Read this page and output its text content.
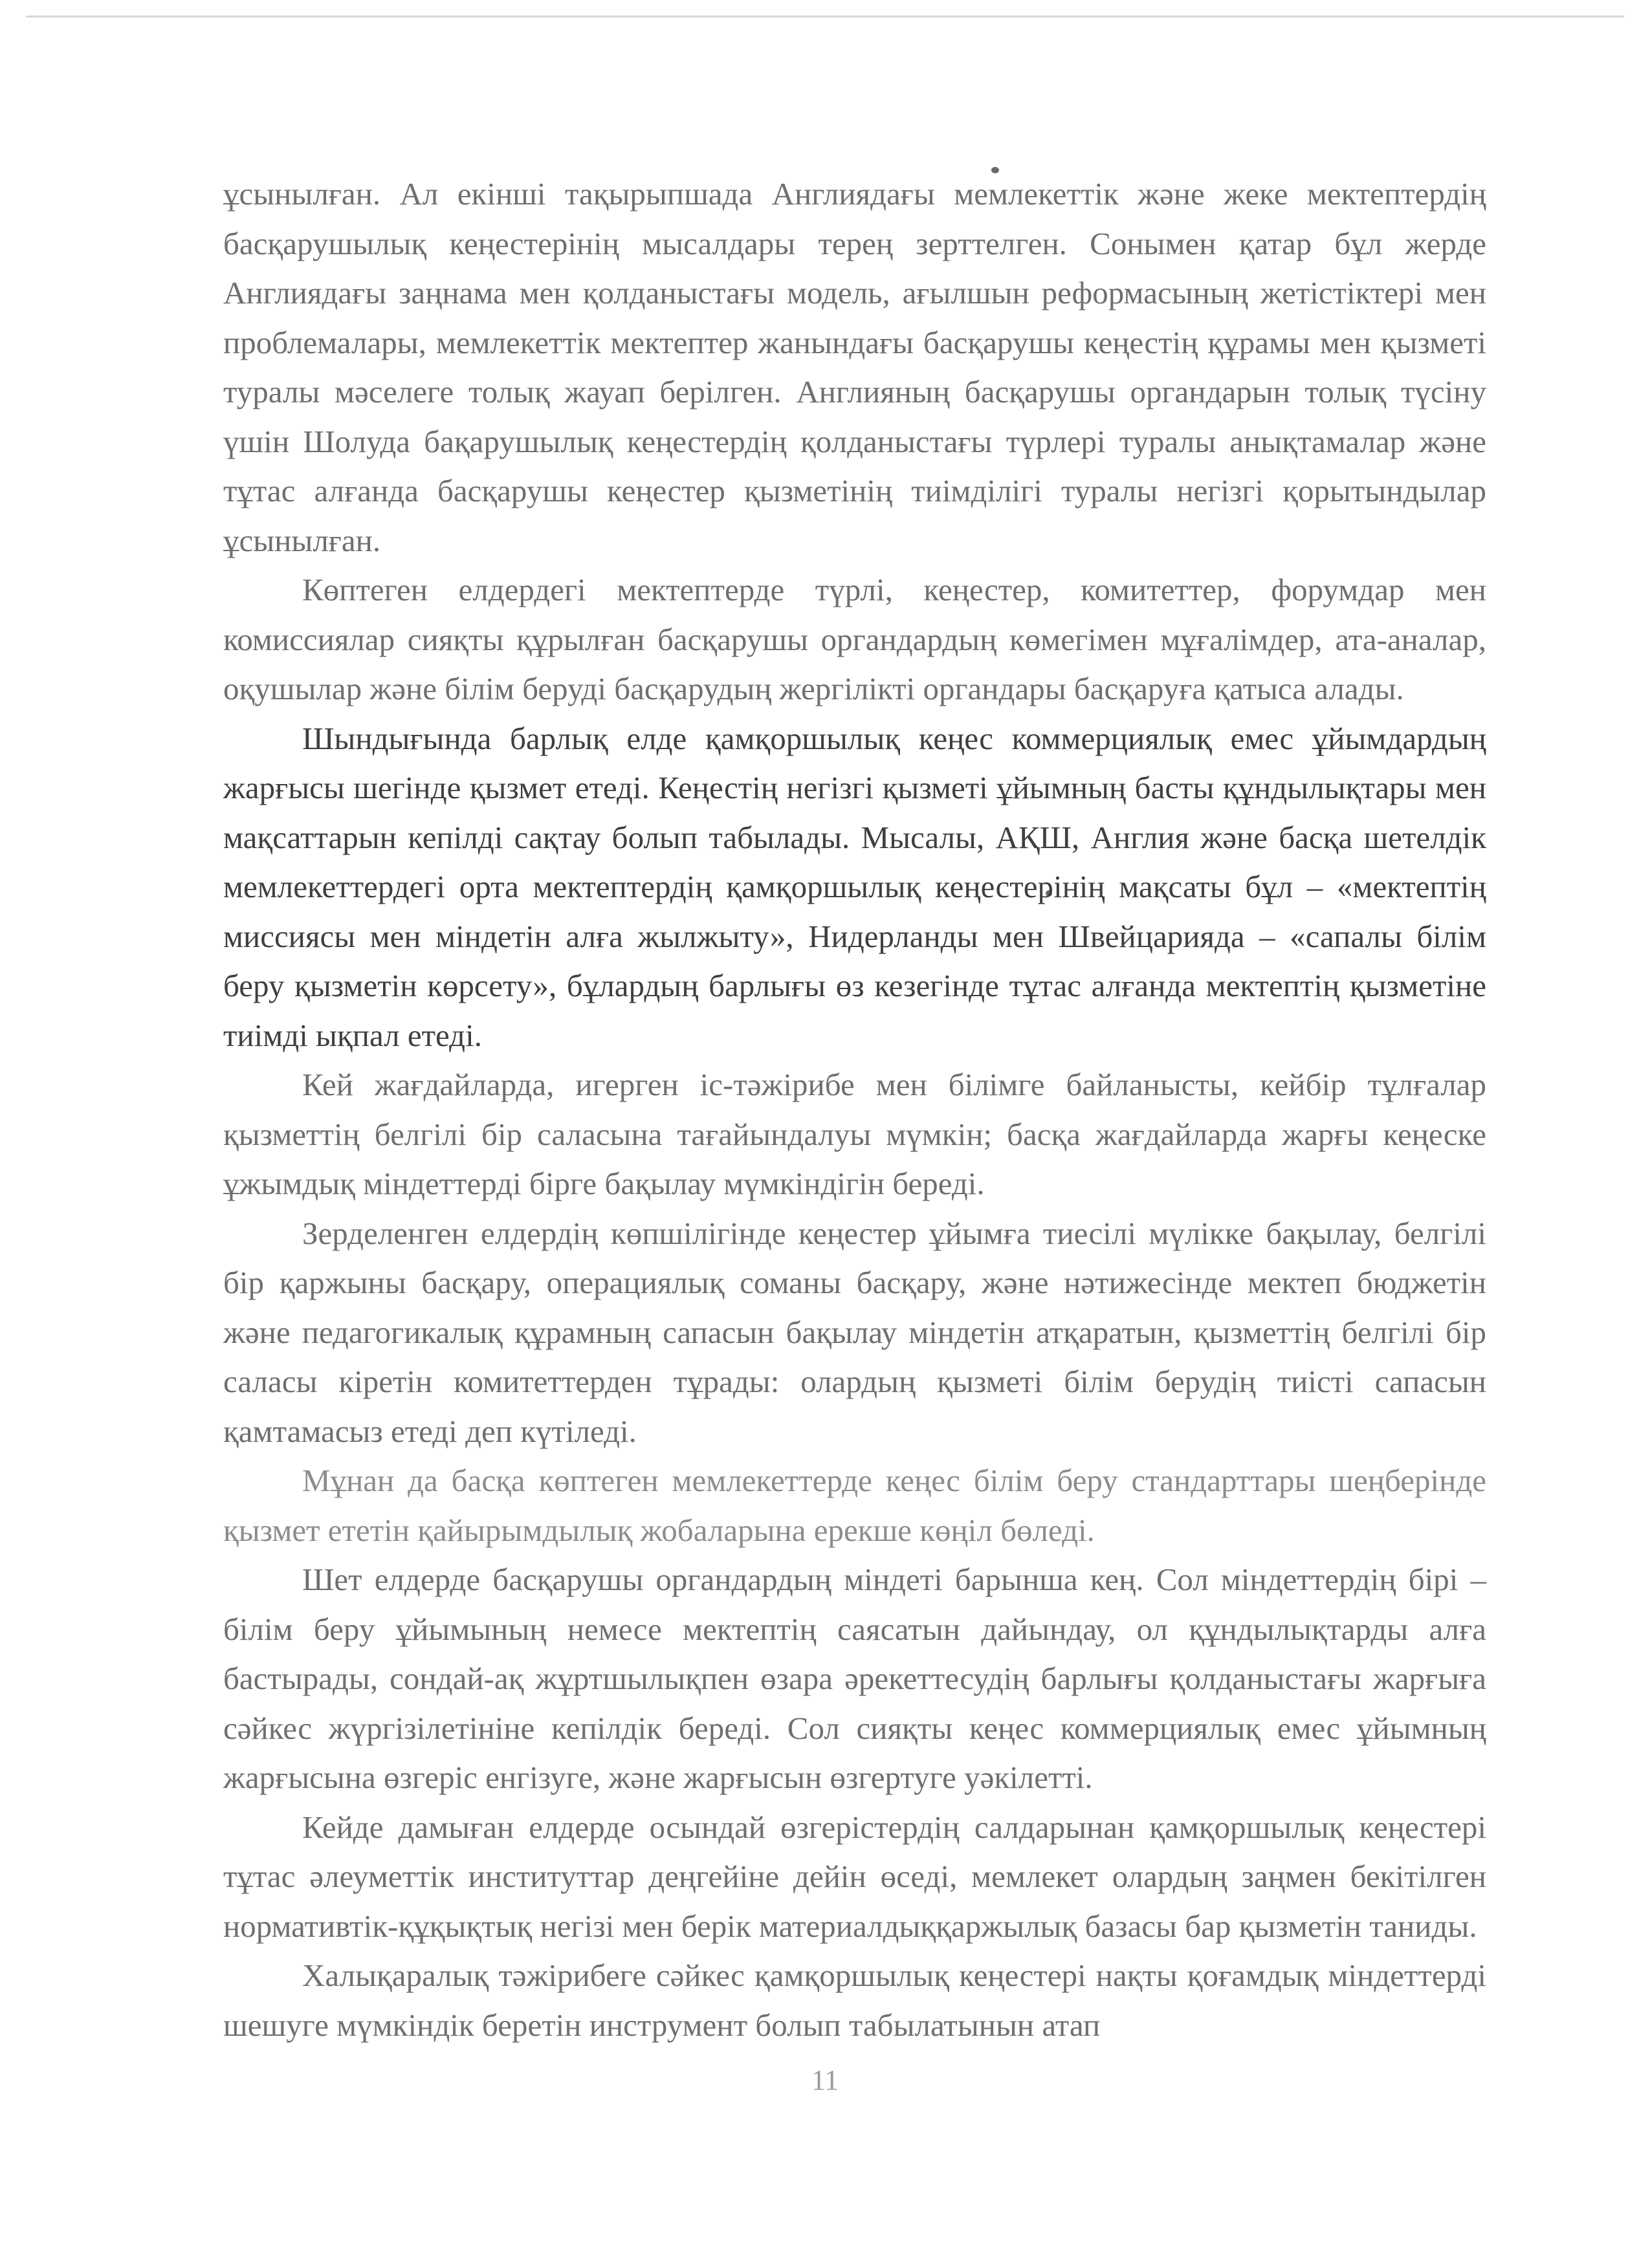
ұсынылған. Ал екінші тақырыпшада Англиядағы мемлекеттік және жеке мектептердің басқарушылық кеңестерінің мысалдары терең зерттелген. Сонымен қатар бұл жерде Англиядағы заңнама мен қолданыстағы модель, ағылшын реформасының жетістіктері мен проблемалары, мемлекеттік мектептер жанындағы басқарушы кеңестің құрамы мен қызметі туралы мәселеге толық жауап берілген. Англияның басқарушы органдарын толық түсіну үшін Шолуда бақарушылық кеңестердің қолданыстағы түрлері туралы анықтамалар және тұтас алғанда басқарушы кеңестер қызметінің тиімділігі туралы негізгі қорытындылар ұсынылған.

Көптеген елдердегі мектептерде түрлі, кеңестер, комитеттер, форумдар мен комиссиялар сияқты құрылған басқарушы органдардың көмегімен мұғалімдер, ата-аналар, оқушылар және білім беруді басқарудың жергілікті органдары басқаруға қатыса алады.

Шындығында барлық елде қамқоршылық кеңес коммерциялық емес ұйымдардың жарғысы шегінде қызмет етеді. Кеңестің негізгі қызметі ұйымның басты құндылықтары мен мақсаттарын кепілді сақтау болып табылады. Мысалы, АҚШ, Англия және басқа шетелдік мемлекеттердегі орта мектептердің қамқоршылық кеңестерінің мақсаты бұл – «мектептің миссиясы мен міндетін алға жылжыту», Нидерланды мен Швейцарияда – «сапалы білім беру қызметін көрсету», бұлардың барлығы өз кезегінде тұтас алғанда мектептің қызметіне тиімді ықпал етеді.

Кей жағдайларда, игерген іс-тәжірибе мен білімге байланысты, кейбір тұлғалар қызметтің белгілі бір саласына тағайындалуы мүмкін; басқа жағдайларда жарғы кеңеске ұжымдық міндеттерді бірге бақылау мүмкіндігін береді.

Зерделенген елдердің көпшілігінде кеңестер ұйымға тиесілі мүлікке бақылау, белгілі бір қаржыны басқару, операциялық соманы басқару, және нәтижесінде мектеп бюджетін және педагогикалық құрамның сапасын бақылау міндетін атқаратын, қызметтің белгілі бір саласы кіретін комитеттерден тұрады: олардың қызметі білім берудің тиісті сапасын қамтамасыз етеді деп күтіледі.

Мұнан да басқа көптеген мемлекеттерде кеңес білім беру стандарттары шеңберінде қызмет ететін қайырымдылық жобаларына ерекше көңіл бөледі.

Шет елдерде басқарушы органдардың міндеті барынша кең. Сол міндеттердің бірі – білім беру ұйымының немесе мектептің саясатын дайындау, ол құндылықтарды алға бастырады, сондай-ақ жұртшылықпен өзара әрекеттесудің барлығы қолданыстағы жарғыға сәйкес жүргізілетініне кепілдік береді. Сол сияқты кеңес коммерциялық емес ұйымның жарғысына өзгеріс енгізуге, және жарғысын өзгертуге уәкілетті.

Кейде дамыған елдерде осындай өзгерістердің салдарынан қамқоршылық кеңестері тұтас әлеуметтік институттар деңгейіне дейін өседі, мемлекет олардың заңмен бекітілген нормативтік-құқықтық негізі мен берік материалдыққаржылық базасы бар қызметін таниды.

Халықаралық тәжірибеге сәйкес қамқоршылық кеңестері нақты қоғамдық міндеттерді шешуге мүмкіндік беретін инструмент болып табылатынын атап

11
